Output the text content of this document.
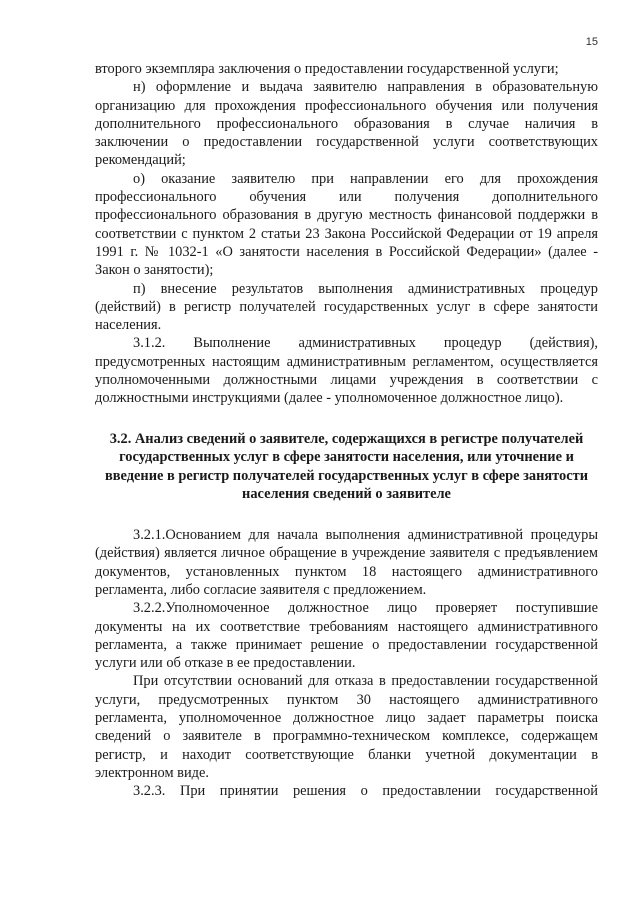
15

второго экземпляра заключения о предоставлении государственной услуги;

н) оформление и выдача заявителю направления в образовательную организацию для прохождения профессионального обучения или получения дополнительного профессионального образования в случае наличия в заключении о предоставлении государственной услуги соответствующих рекомендаций;

о) оказание заявителю при направлении его для прохождения профессионального обучения или получения дополнительного профессионального образования в другую местность финансовой поддержки в соответствии с пунктом 2 статьи 23 Закона Российской Федерации от 19 апреля 1991 г. № 1032-1 «О занятости населения в Российской Федерации» (далее - Закон о занятости);

п) внесение результатов выполнения административных процедур (действий) в регистр получателей государственных услуг в сфере занятости населения.

3.1.2. Выполнение административных процедур (действия), предусмотренных настоящим административным регламентом, осуществляется уполномоченными должностными лицами учреждения в соответствии с должностными инструкциями (далее - уполномоченное должностное лицо).

3.2. Анализ сведений о заявителе, содержащихся в регистре получателей государственных услуг в сфере занятости населения, или уточнение и введение в регистр получателей государственных услуг в сфере занятости населения сведений о заявителе

3.2.1.Основанием для начала выполнения административной процедуры (действия) является личное обращение в учреждение заявителя с предъявлением документов, установленных пунктом 18 настоящего административного регламента, либо согласие заявителя с предложением.

3.2.2.Уполномоченное должностное лицо проверяет поступившие документы на их соответствие требованиям настоящего административного регламента, а также принимает решение о предоставлении государственной услуги или об отказе в ее предоставлении.

При отсутствии оснований для отказа в предоставлении государственной услуги, предусмотренных пунктом 30 настоящего административного регламента, уполномоченное должностное лицо задает параметры поиска сведений о заявителе в программно-техническом комплексе, содержащем регистр, и находит соответствующие бланки учетной документации в электронном виде.

3.2.3. При принятии решения о предоставлении государственной
